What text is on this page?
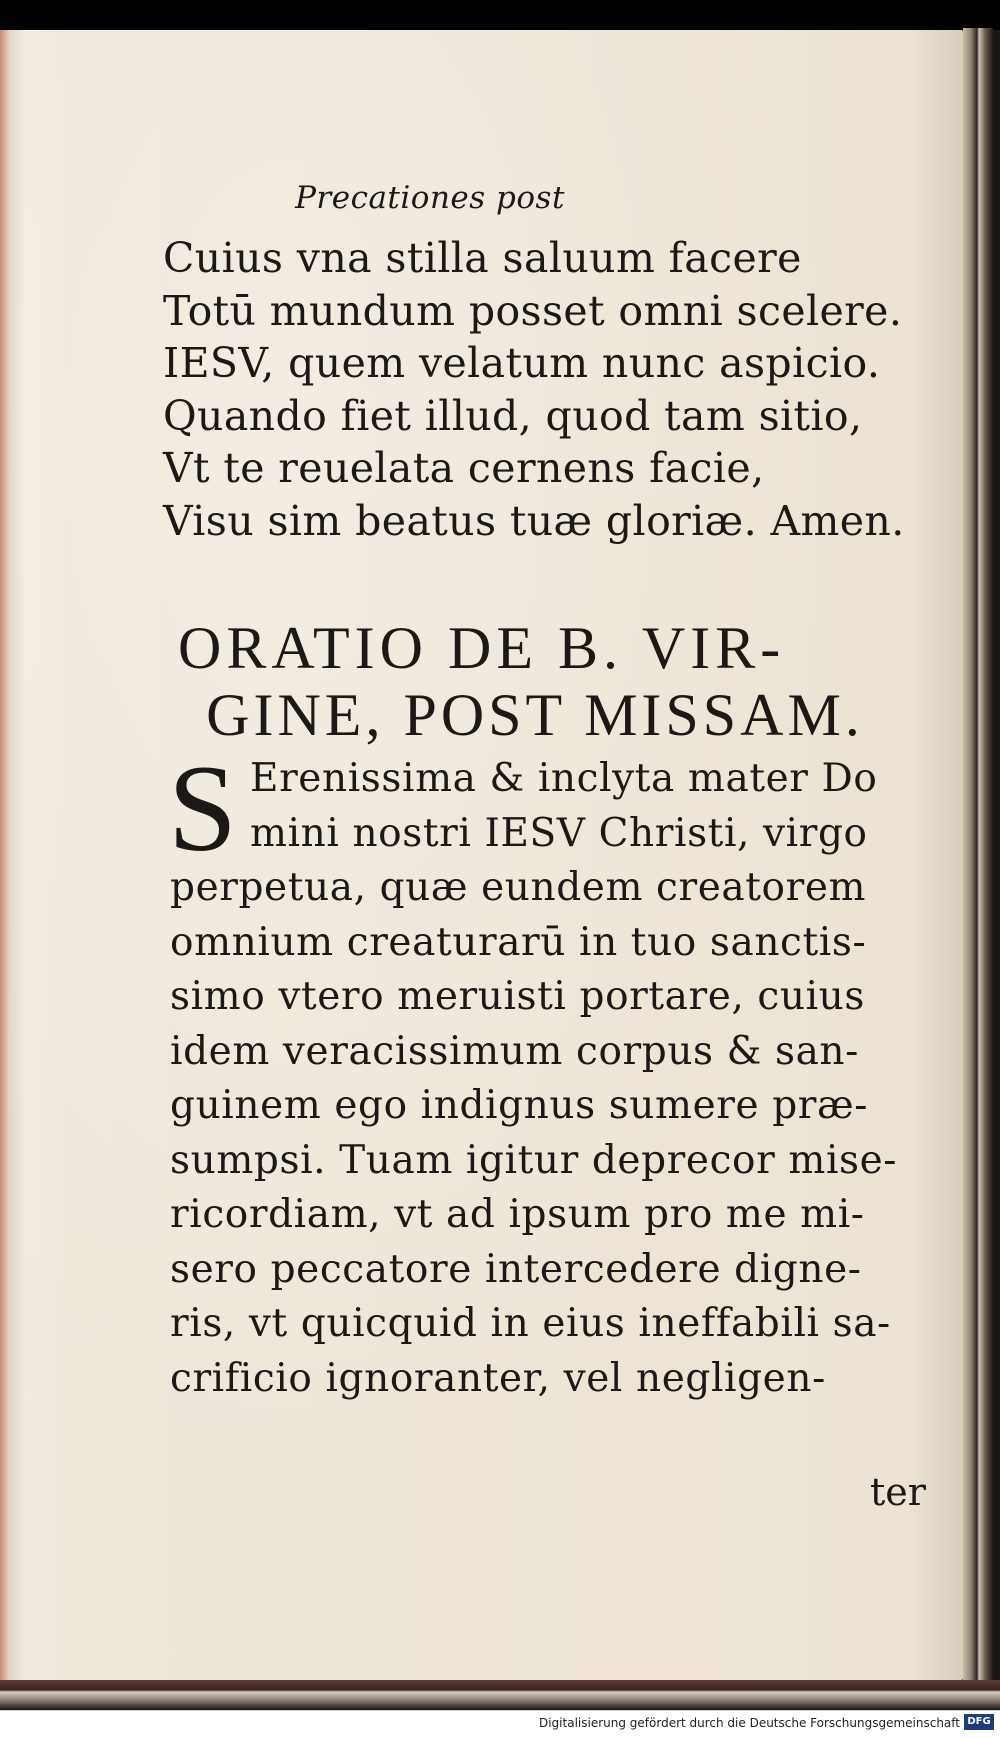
Precationes post
Cuius vna stilla saluum facere
Totū mundum posset omni scelere.
IESV, quem velatum nunc aspicio.
Quando fiet illud, quod tam sitio,
Vt te reuelata cernens facie,
Visu sim beatus tuæ gloriæ. Amen.
ORATIO DE B. VIR-
GINE, POST MISSAM.
S Erenissima & inclyta mater Do
mini nostri IESV Christi, virgo
perpetua, quæ eundem creatorem
omnium creaturarū in tuo sanctis-
simo vtero meruisti portare, cuius
idem veracissimum corpus & san-
guinem ego indignus sumere præ-
sumpsi. Tuam igitur deprecor mise-
ricordiam, vt ad ipsum pro me mi-
sero peccatore intercedere digne-
ris, vt quicquid in eius ineffabili sa-
crificio ignoranter, vel negligen-
ter
Digitalisierung gefördert durch die Deutsche Forschungsgemeinschaft DFG
